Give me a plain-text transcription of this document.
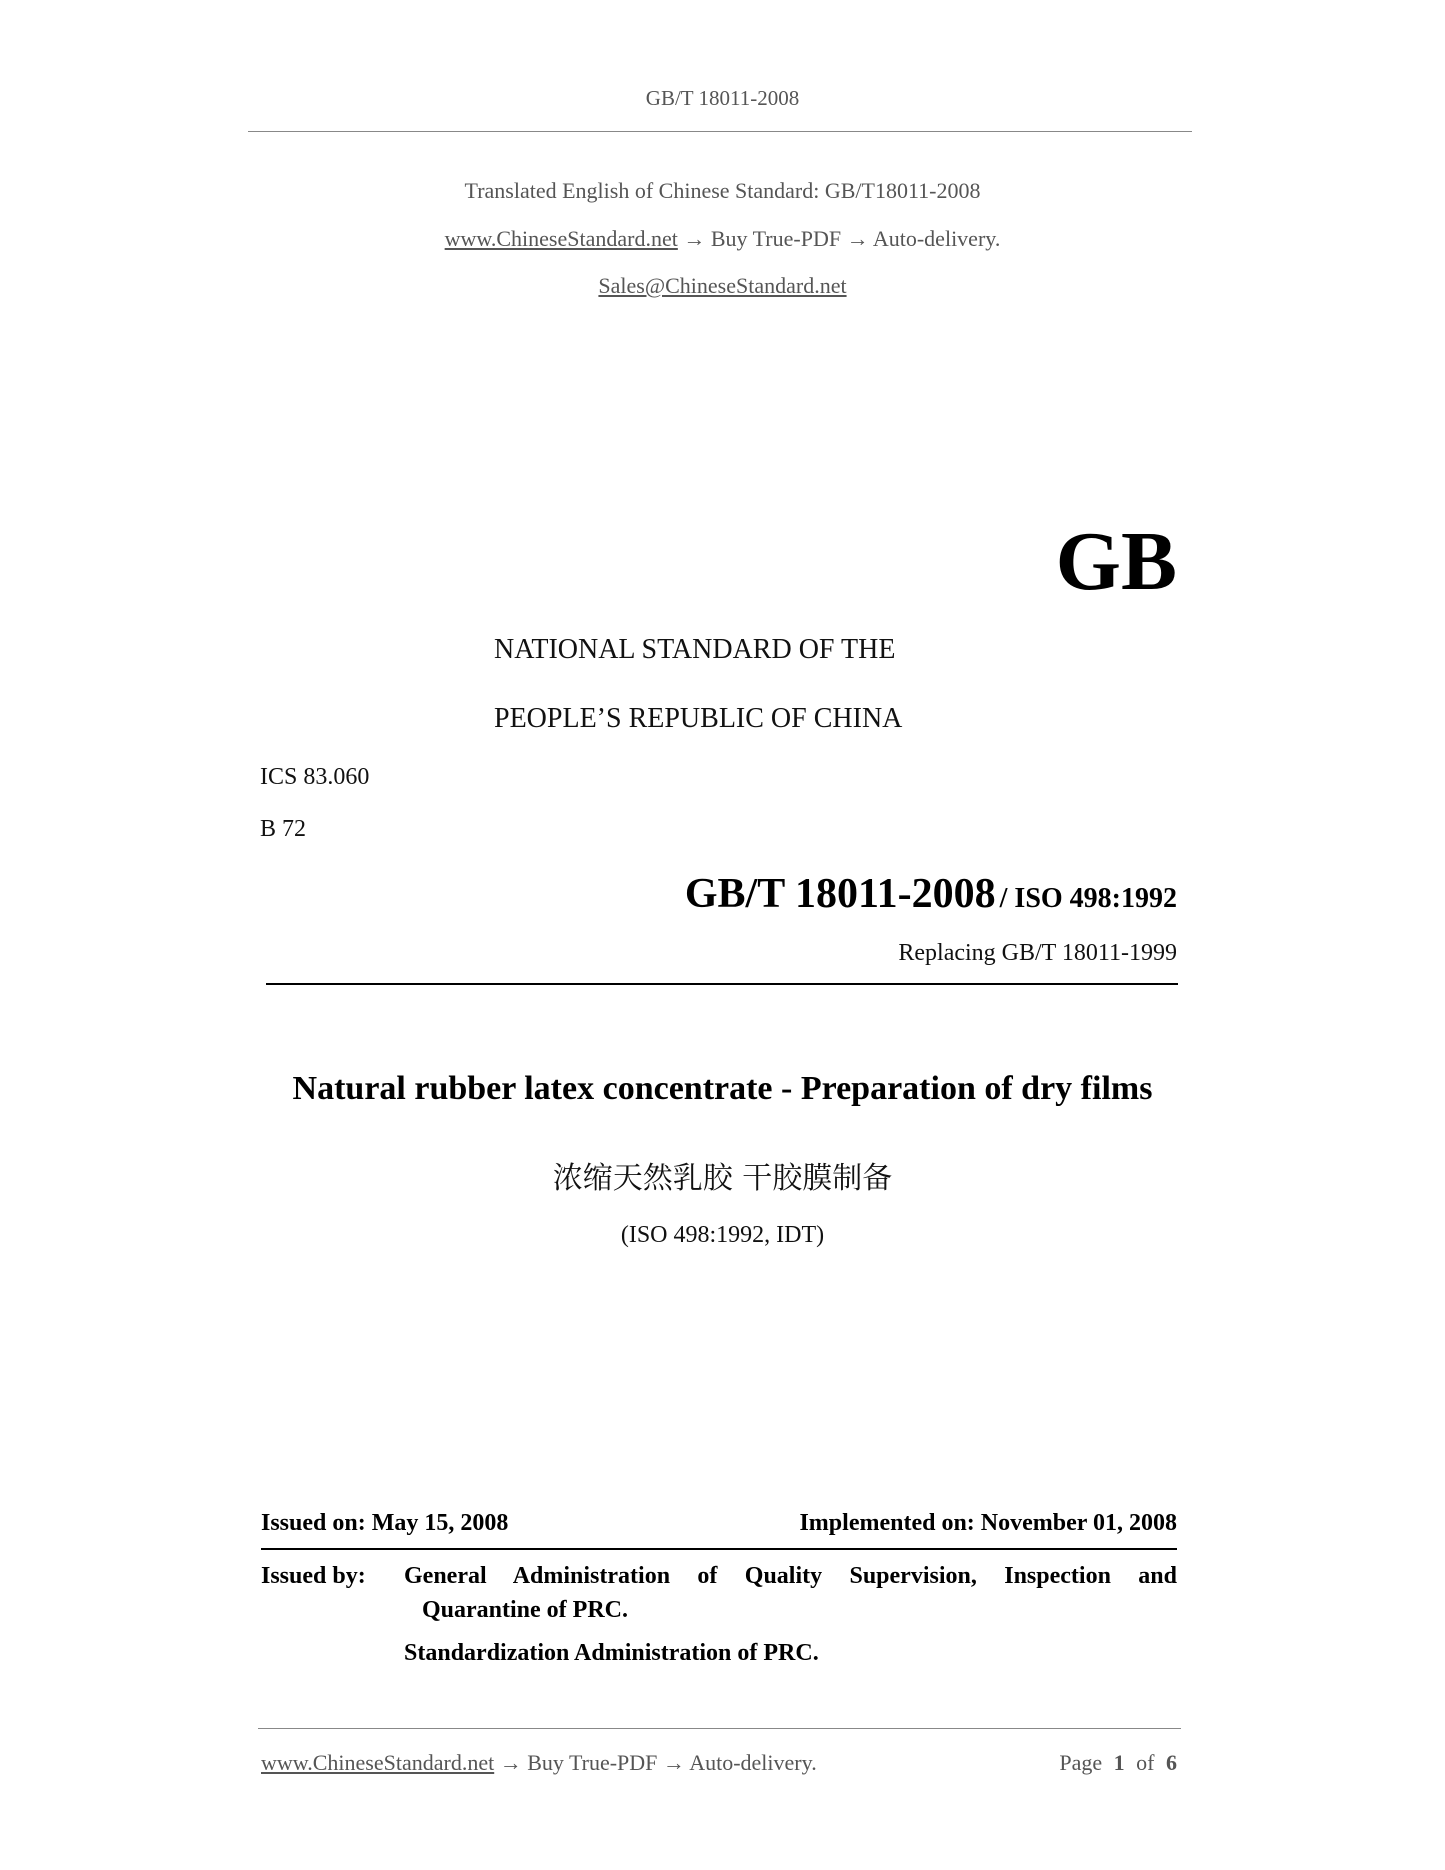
GB/T 18011-2008
Translated English of Chinese Standard: GB/T18011-2008
www.ChineseStandard.net → Buy True-PDF → Auto-delivery.
Sales@ChineseStandard.net
GB
NATIONAL STANDARD OF THE
PEOPLE’S REPUBLIC OF CHINA
ICS 83.060
B 72
GB/T 18011-2008 / ISO 498:1992
Replacing GB/T 18011-1999
Natural rubber latex concentrate - Preparation of dry films
浓缩天然乳胶 干胶膜制备
(ISO 498:1992, IDT)
Issued on: May 15, 2008	Implemented on: November 01, 2008
Issued by: General Administration of Quality Supervision, Inspection and
Quarantine of PRC.
Standardization Administration of PRC.
www.ChineseStandard.net → Buy True-PDF → Auto-delivery.	Page 1 of 6
